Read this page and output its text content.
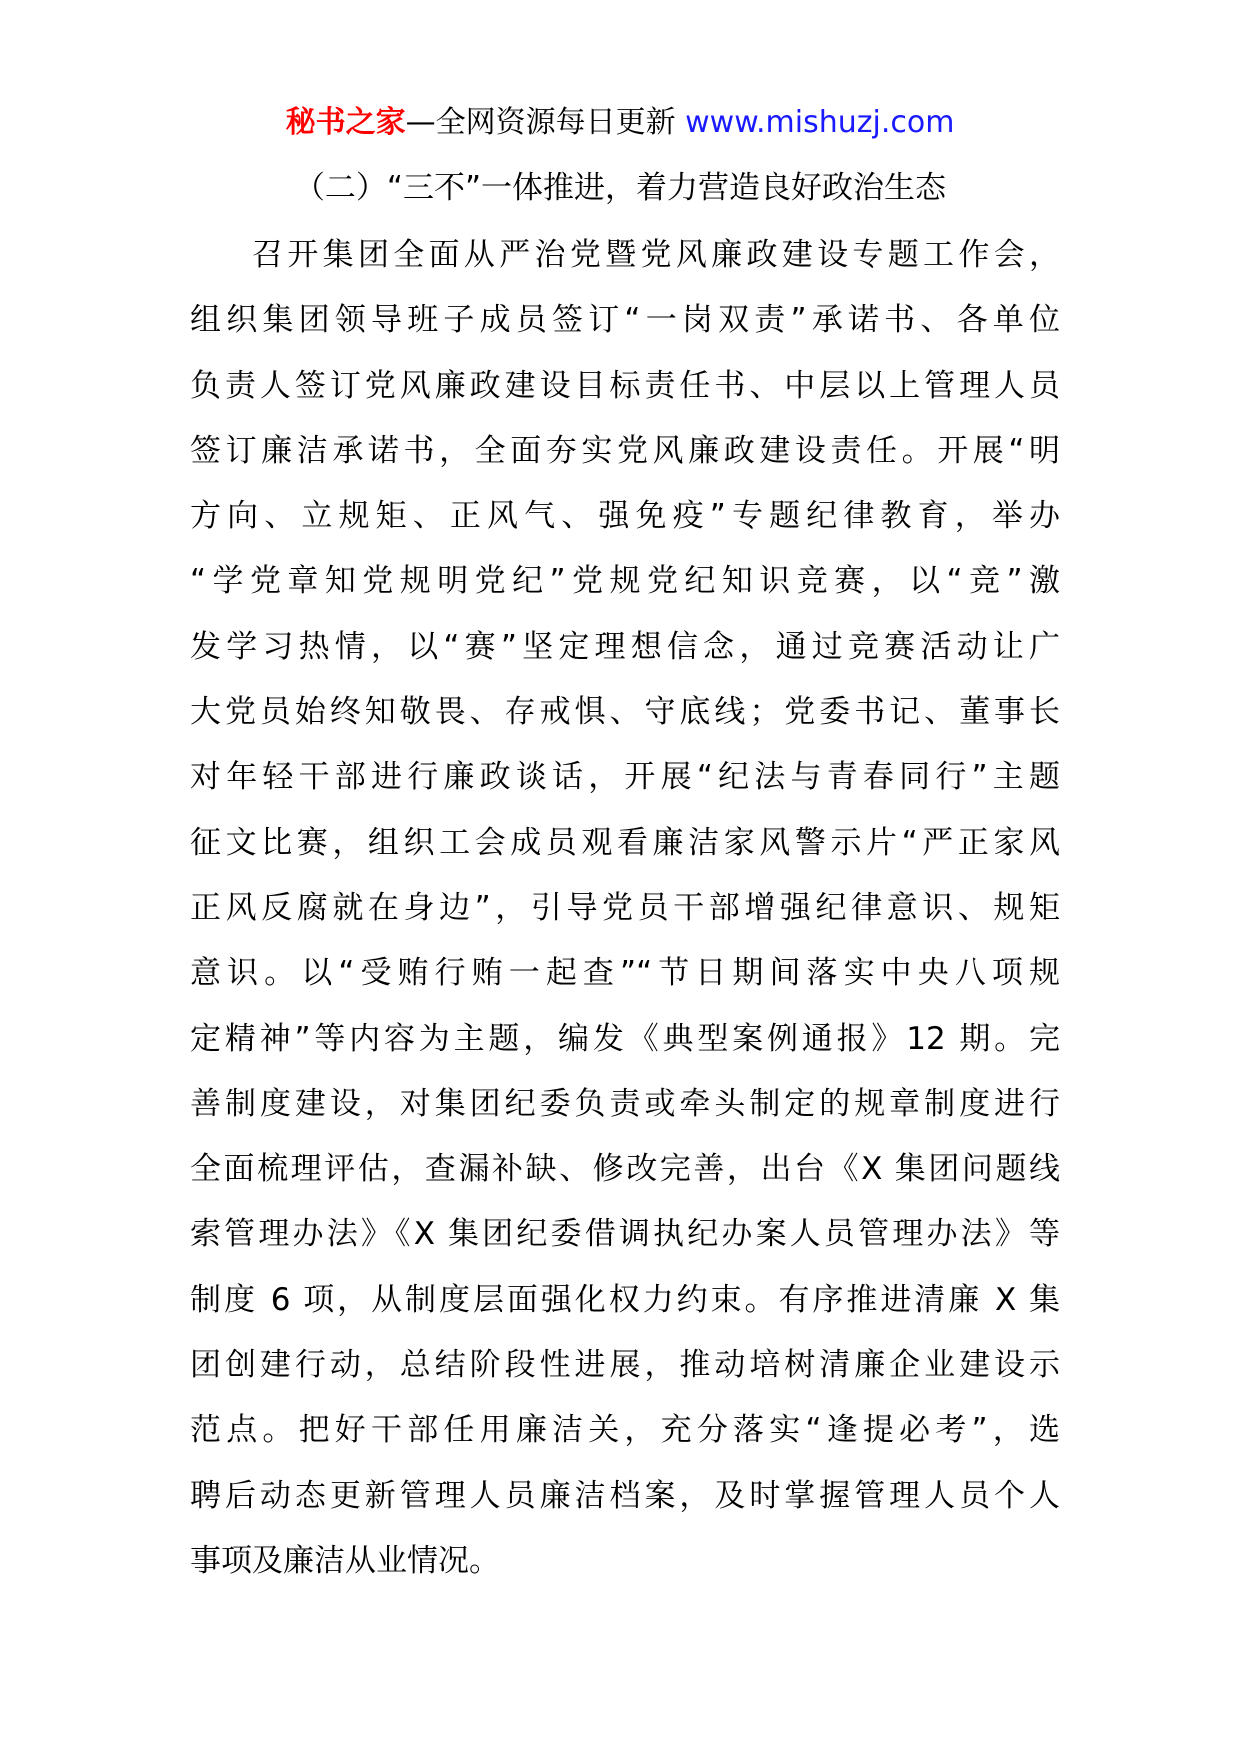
秘书之家—全网资源每日更新 www.mishuzj.com
（二）“三不”一体推进，着力营造良好政治生态
召开集团全面从严治党暨党风廉政建设专题工作会，
组织集团领导班子成员签订“一岗双责”承诺书、各单位
负责人签订党风廉政建设目标责任书、中层以上管理人员
签订廉洁承诺书，全面夯实党风廉政建设责任。开展“明
方向、立规矩、正风气、强免疫”专题纪律教育，举办
“学党章知党规明党纪”党规党纪知识竞赛，以“竞”激
发学习热情，以“赛”坚定理想信念，通过竞赛活动让广
大党员始终知敬畏、存戒惧、守底线；党委书记、董事长
对年轻干部进行廉政谈话，开展“纪法与青春同行”主题
征文比赛，组织工会成员观看廉洁家风警示片“严正家风
正风反腐就在身边”，引导党员干部增强纪律意识、规矩
意识。以“受贿行贿一起查”“节日期间落实中央八项规
定精神”等内容为主题，编发《典型案例通报》12 期。完
善制度建设，对集团纪委负责或牵头制定的规章制度进行
全面梳理评估，查漏补缺、修改完善，出台《X 集团问题线
索管理办法》《X 集团纪委借调执纪办案人员管理办法》等
制度 6 项，从制度层面强化权力约束。有序推进清廉 X 集
团创建行动，总结阶段性进展，推动培树清廉企业建设示
范点。把好干部任用廉洁关，充分落实“逢提必考”，选
聘后动态更新管理人员廉洁档案，及时掌握管理人员个人
事项及廉洁从业情况。
